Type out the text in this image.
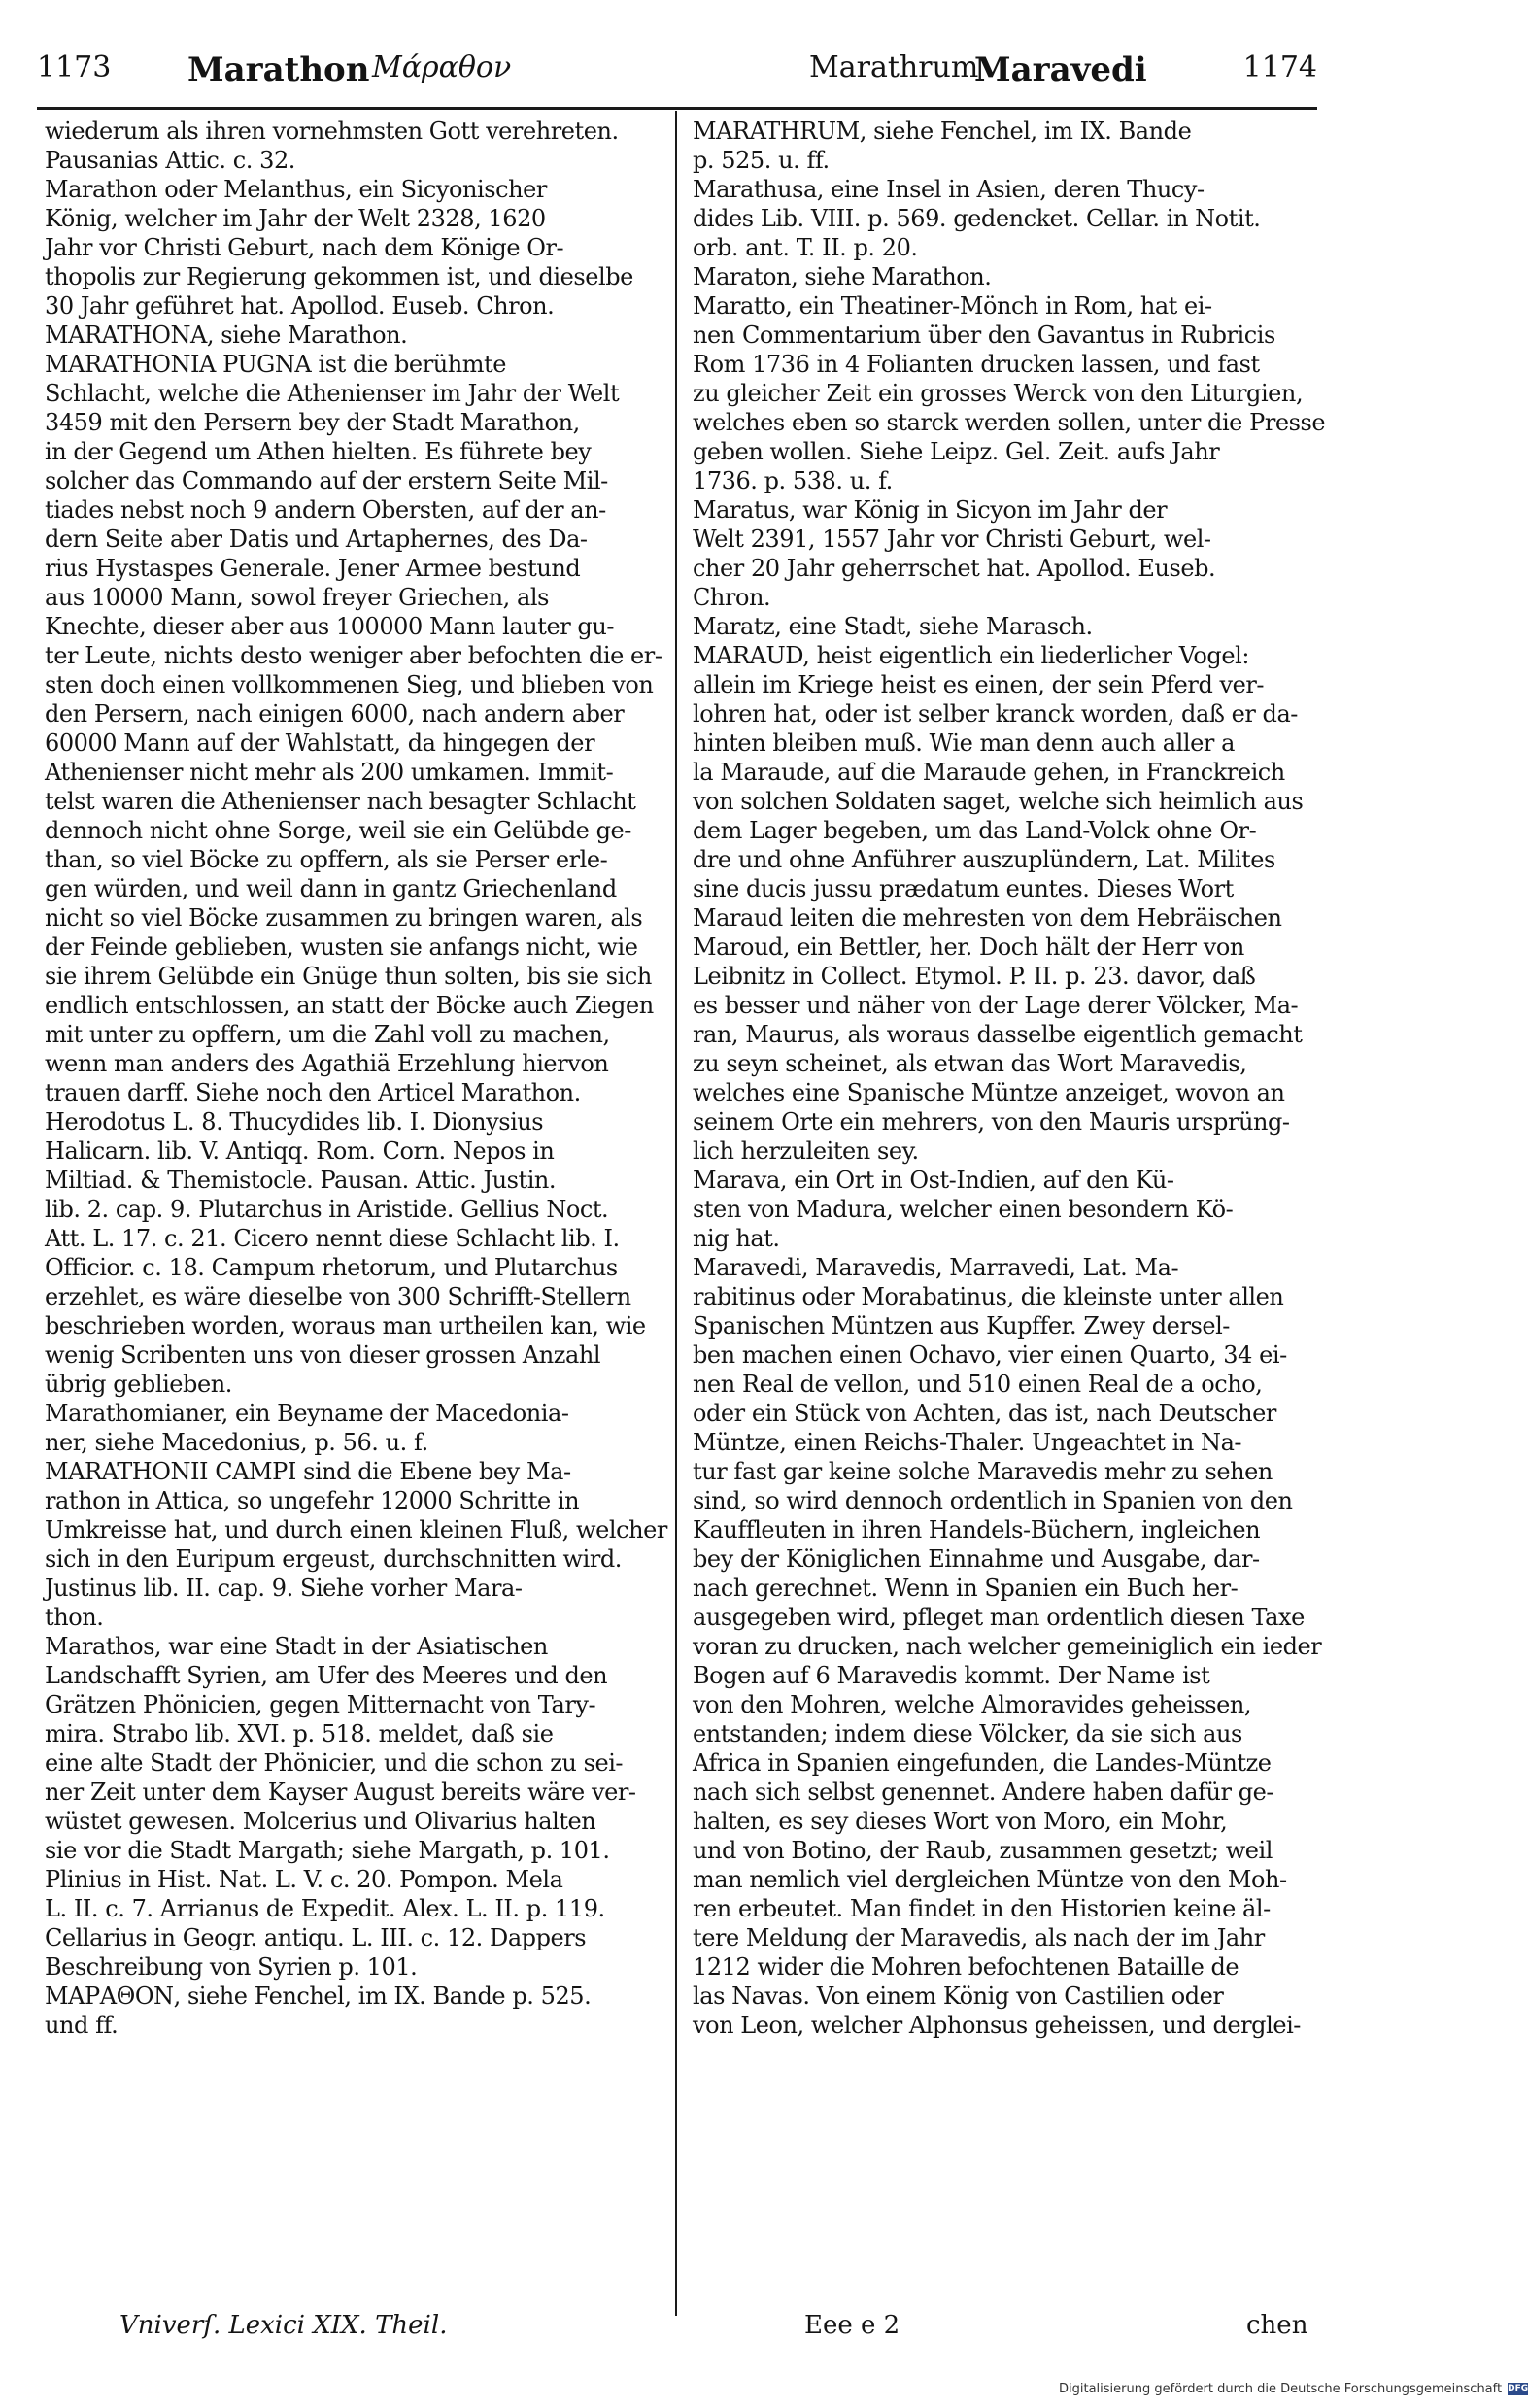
1173 Marathon Μάραθον	Marathrum
Maravedi	1174
wiederum als ihren vornehmsten Gott verehreten.
Pausanias Attic. c. 32.
Marathon oder Melanthus, ein Sicyonischer
König, welcher im Jahr der Welt 2328, 1620
Jahr vor Christi Geburt, nach dem Könige Or-
thopolis zur Regierung gekommen ist, und dieselbe
30 Jahr geführet hat. Apollod. Euseb. Chron.
MARATHONA, siehe Marathon.
MARATHONIA PUGNA ist die berühmte
Schlacht, welche die Athenienser im Jahr der Welt
3459 mit den Persern bey der Stadt Marathon,
in der Gegend um Athen hielten. Es führete bey
solcher das Commando auf der erstern Seite Mil-
tiades nebst noch 9 andern Obersten, auf der an-
dern Seite aber Datis und Artaphernes, des Da-
rius Hystaspes Generale. Jener Armee bestund
aus 10000 Mann, sowol freyer Griechen, als
Knechte, dieser aber aus 100000 Mann lauter gu-
ter Leute, nichts desto weniger aber befochten die er-
sten doch einen vollkommenen Sieg, und blieben von
den Persern, nach einigen 6000, nach andern aber
60000 Mann auf der Wahlstatt, da hingegen der
Athenienser nicht mehr als 200 umkamen. Immit-
telst waren die Athenienser nach besagter Schlacht
dennoch nicht ohne Sorge, weil sie ein Gelübde ge-
than, so viel Böcke zu opffern, als sie Perser erle-
gen würden, und weil dann in gantz Griechenland
nicht so viel Böcke zusammen zu bringen waren, als
der Feinde geblieben, wusten sie anfangs nicht, wie
sie ihrem Gelübde ein Gnüge thun solten, bis sie sich
endlich entschlossen, an statt der Böcke auch Ziegen
mit unter zu opffern, um die Zahl voll zu machen,
wenn man anders des Agathiä Erzehlung hiervon
trauen darff. Siehe noch den Articel Marathon.
Herodotus L. 8. Thucydides lib. I. Dionysius
Halicarn. lib. V. Antiqq. Rom. Corn. Nepos in
Miltiad. & Themistocle. Pausan. Attic. Justin.
lib. 2. cap. 9. Plutarchus in Aristide. Gellius Noct.
Att. L. 17. c. 21. Cicero nennt diese Schlacht lib. I.
Officior. c. 18. Campum rhetorum, und Plutarchus
erzehlet, es wäre dieselbe von 300 Schrifft-Stellern
beschrieben worden, woraus man urtheilen kan, wie
wenig Scribenten uns von dieser grossen Anzahl
übrig geblieben.
Marathomianer, ein Beyname der Macedonia-
ner, siehe Macedonius, p. 56. u. f.
MARATHONII CAMPI sind die Ebene bey Ma-
rathon in Attica, so ungefehr 12000 Schritte in
Umkreisse hat, und durch einen kleinen Fluß, welcher
sich in den Euripum ergeust, durchschnitten wird.
Justinus lib. II. cap. 9. Siehe vorher Mara-
thon.
Marathos, war eine Stadt in der Asiatischen
Landschafft Syrien, am Ufer des Meeres und den
Grätzen Phönicien, gegen Mitternacht von Tary-
mira. Strabo lib. XVI. p. 518. meldet, daß sie
eine alte Stadt der Phönicier, und die schon zu sei-
ner Zeit unter dem Kayser August bereits wäre ver-
wüstet gewesen. Molcerius und Olivarius halten
sie vor die Stadt Margath; siehe Margath, p. 101.
Plinius in Hist. Nat. L. V. c. 20. Pompon. Mela
L. II. c. 7. Arrianus de Expedit. Alex. L. II. p. 119.
Cellarius in Geogr. antiqu. L. III. c. 12. Dappers
Beschreibung von Syrien p. 101.
ΜΑΡΑΘΟΝ, siehe Fenchel, im IX. Bande p. 525.
und ff.
MARATHRUM, siehe Fenchel, im IX. Bande
p. 525. u. ff.
Marathusa, eine Insel in Asien, deren Thucy-
dides Lib. VIII. p. 569. gedencket. Cellar. in Notit.
orb. ant. T. II. p. 20.
Maraton, siehe Marathon.
Maratto, ein Theatiner-Mönch in Rom, hat ei-
nen Commentarium über den Gavantus in Rubricis
Rom 1736 in 4 Folianten drucken lassen, und fast
zu gleicher Zeit ein grosses Werck von den Liturgien,
welches eben so starck werden sollen, unter die Presse
geben wollen. Siehe Leipz. Gel. Zeit. aufs Jahr
1736. p. 538. u. f.
Maratus, war König in Sicyon im Jahr der
Welt 2391, 1557 Jahr vor Christi Geburt, wel-
cher 20 Jahr geherrschet hat. Apollod. Euseb.
Chron.
Maratz, eine Stadt, siehe Marasch.
MARAUD, heist eigentlich ein liederlicher Vogel:
allein im Kriege heist es einen, der sein Pferd ver-
lohren hat, oder ist selber kranck worden, daß er da-
hinten bleiben muß. Wie man denn auch aller a
la Maraude, auf die Maraude gehen, in Franckreich
von solchen Soldaten saget, welche sich heimlich aus
dem Lager begeben, um das Land-Volck ohne Or-
dre und ohne Anführer auszuplündern, Lat. Milites
sine ducis jussu prædatum euntes. Dieses Wort
Maraud leiten die mehresten von dem Hebräischen
Maroud, ein Bettler, her. Doch hält der Herr von
Leibnitz in Collect. Etymol. P. II. p. 23. davor, daß
es besser und näher von der Lage derer Völcker, Ma-
ran, Maurus, als woraus dasselbe eigentlich gemacht
zu seyn scheinet, als etwan das Wort Maravedis,
welches eine Spanische Müntze anzeiget, wovon an
seinem Orte ein mehrers, von den Mauris ursprüng-
lich herzuleiten sey.
Marava, ein Ort in Ost-Indien, auf den Kü-
sten von Madura, welcher einen besondern Kö-
nig hat.
Maravedi, Maravedis, Marravedi, Lat. Ma-
rabitinus oder Morabatinus, die kleinste unter allen
Spanischen Müntzen aus Kupffer. Zwey dersel-
ben machen einen Ochavo, vier einen Quarto, 34 ei-
nen Real de vellon, und 510 einen Real de a ocho,
oder ein Stück von Achten, das ist, nach Deutscher
Müntze, einen Reichs-Thaler. Ungeachtet in Na-
tur fast gar keine solche Maravedis mehr zu sehen
sind, so wird dennoch ordentlich in Spanien von den
Kauffleuten in ihren Handels-Büchern, ingleichen
bey der Königlichen Einnahme und Ausgabe, dar-
nach gerechnet. Wenn in Spanien ein Buch her-
ausgegeben wird, pfleget man ordentlich diesen Taxe
voran zu drucken, nach welcher gemeiniglich ein ieder
Bogen auf 6 Maravedis kommt. Der Name ist
von den Mohren, welche Almoravides geheissen,
entstanden; indem diese Völcker, da sie sich aus
Africa in Spanien eingefunden, die Landes-Müntze
nach sich selbst genennet. Andere haben dafür ge-
halten, es sey dieses Wort von Moro, ein Mohr,
und von Botino, der Raub, zusammen gesetzt; weil
man nemlich viel dergleichen Müntze von den Moh-
ren erbeutet. Man findet in den Historien keine äl-
tere Meldung der Maravedis, als nach der im Jahr
1212 wider die Mohren befochtenen Bataille de
las Navas. Von einem König von Castilien oder
von Leon, welcher Alphonsus geheissen, und derglei-
Vniverſ. Lexici XIX. Theil.	Eee e 2	chen
Digitalisierung gefördert durch die Deutsche Forschungsgemeinschaft DFG
